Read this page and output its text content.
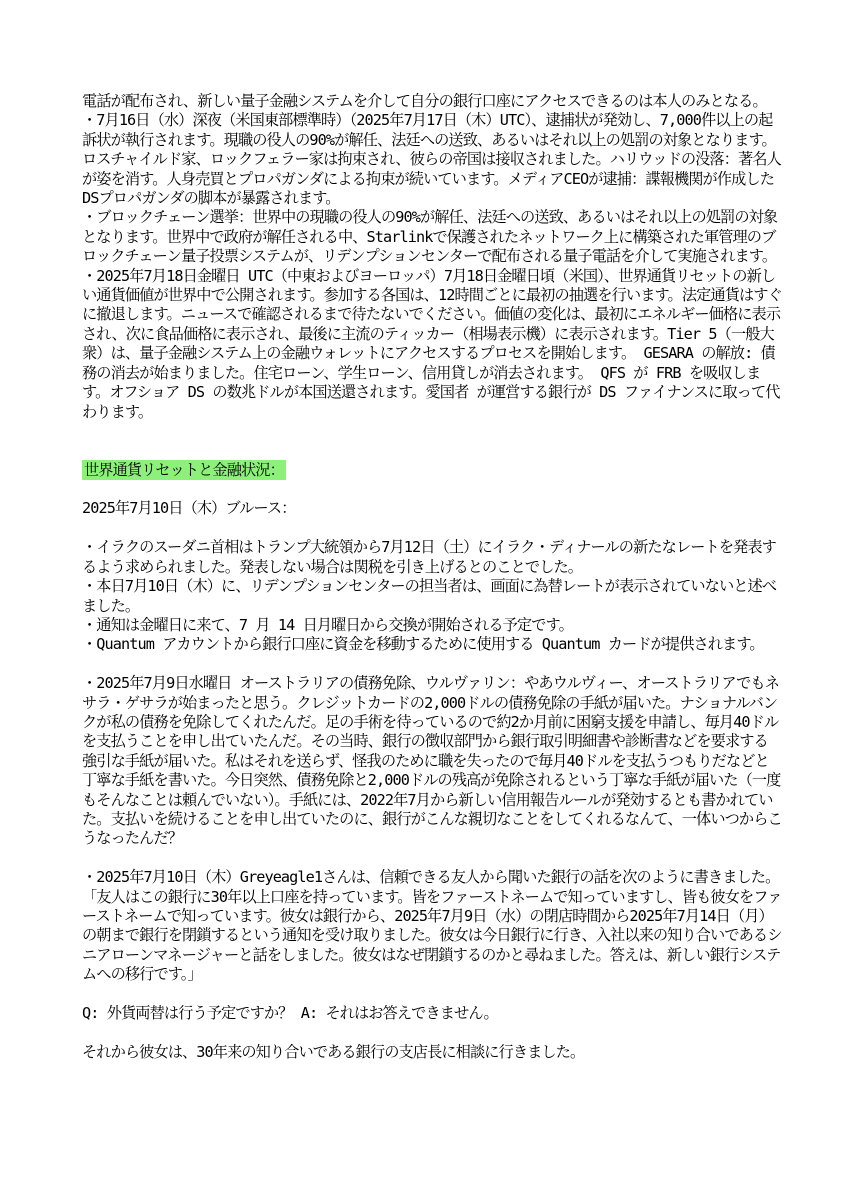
電話が配布され、新しい量子金融システムを介して自分の銀行口座にアクセスできるのは本人のみとなる。

・7月16日（水）深夜（米国東部標準時）（2025年7月17日（木）UTC）、逮捕状が発効し、7,000件以上の起訴状が執行されます。現職の役人の90%が解任、法廷への送致、あるいはそれ以上の処罰の対象となります。ロスチャイルド家、ロックフェラー家は拘束され、彼らの帝国は接収されました。ハリウッドの没落：著名人が姿を消す。人身売買とプロパガンダによる拘束が続いています。メディアCEOが逮捕：諜報機関が作成したDSプロパガンダの脚本が暴露されます。

・ブロックチェーン選挙：世界中の現職の役人の90%が解任、法廷への送致、あるいはそれ以上の処罰の対象となります。世界中で政府が解任される中、Starlinkで保護されたネットワーク上に構築された軍管理のブロックチェーン量子投票システムが、リデンプションセンターで配布される量子電話を介して実施されます。

・2025年7月18日金曜日 UTC（中東およびヨーロッパ）7月18日金曜日頃（米国）、世界通貨リセットの新しい通貨価値が世界中で公開されます。参加する各国は、12時間ごとに最初の抽選を行います。法定通貨はすぐに撤退します。ニュースで確認されるまで待たないでください。価値の変化は、最初にエネルギー価格に表示され、次に食品価格に表示され、最後に主流のティッカー（相場表示機）に表示されます。Tier 5（一般大衆）は、量子金融システム上の金融ウォレットにアクセスするプロセスを開始します。 GESARA の解放: 債務の消去が始まりました。住宅ローン、学生ローン、信用貸しが消去されます。 QFS が FRB を吸収します。オフショア DS の数兆ドルが本国送還されます。愛国者 が運営する銀行が DS ファイナンスに取って代わります。

世界通貨リセットと金融状況：

2025年7月10日（木）ブルース：

・イラクのスーダニ首相はトランプ大統領から7月12日（土）にイラク・ディナールの新たなレートを発表するよう求められました。発表しない場合は関税を引き上げるとのことでした。

・本日7月10日（木）に、リデンプションセンターの担当者は、画面に為替レートが表示されていないと述べました。

・通知は金曜日に来て、7 月 14 日月曜日から交換が開始される予定です。

・Quantum アカウントから銀行口座に資金を移動するために使用する Quantum カードが提供されます。

・2025年7月9日水曜日 オーストラリアの債務免除、ウルヴァリン：やあウルヴィー、オーストラリアでもネサラ・ゲサラが始まったと思う。クレジットカードの2,000ドルの債務免除の手紙が届いた。ナショナルバンクが私の債務を免除してくれたんだ。足の手術を待っているので約2か月前に困窮支援を申請し、毎月40ドルを支払うことを申し出ていたんだ。その当時、銀行の徴収部門から銀行取引明細書や診断書などを要求する強引な手紙が届いた。私はそれを送らず、怪我のために職を失ったので毎月40ドルを支払うつもりだなどと丁寧な手紙を書いた。今日突然、債務免除と2,000ドルの残高が免除されるという丁寧な手紙が届いた（一度もそんなことは頼んでいない）。手紙には、2022年7月から新しい信用報告ルールが発効するとも書かれていた。支払いを続けることを申し出ていたのに、銀行がこんな親切なことをしてくれるなんて、一体いつからこうなったんだ？

・2025年7月10日（木）Greyeagle1さんは、信頼できる友人から聞いた銀行の話を次のように書きました。「友人はこの銀行に30年以上口座を持っています。皆をファーストネームで知っていますし、皆も彼女をファーストネームで知っています。彼女は銀行から、2025年7月9日（水）の閉店時間から2025年7月14日（月）の朝まで銀行を閉鎖するという通知を受け取りました。彼女は今日銀行に行き、入社以来の知り合いであるシニアローンマネージャーと話をしました。彼女はなぜ閉鎖するのかと尋ねました。答えは、新しい銀行システムへの移行です。」

Q: 外貨両替は行う予定ですか？ A: それはお答えできません。

それから彼女は、30年来の知り合いである銀行の支店長に相談に行きました。
